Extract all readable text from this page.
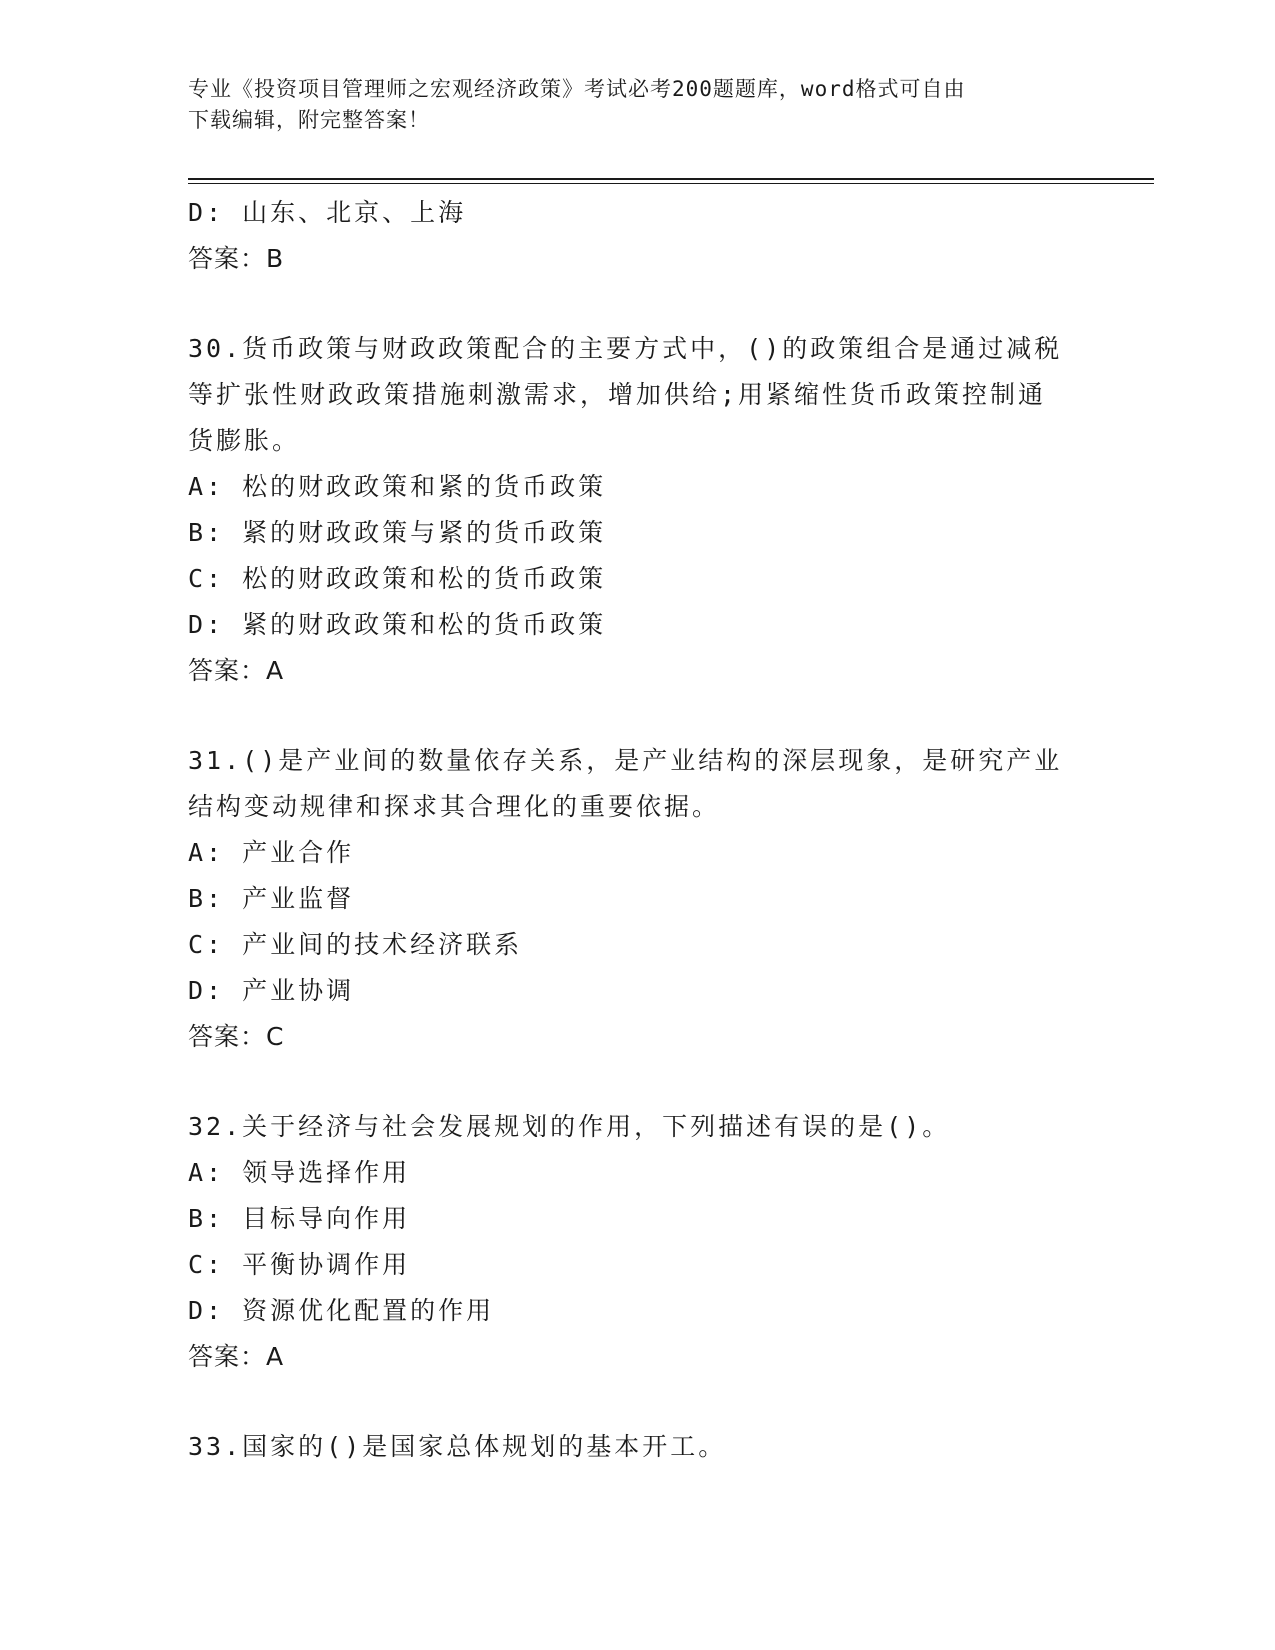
专业《投资项目管理师之宏观经济政策》考试必考200题题库，word格式可自由
下载编辑，附完整答案！
D: 山东、北京、上海
答案：B
30.货币政策与财政政策配合的主要方式中，()的政策组合是通过减税
等扩张性财政政策措施刺激需求，增加供给;用紧缩性货币政策控制通
货膨胀。
A: 松的财政政策和紧的货币政策
B: 紧的财政政策与紧的货币政策
C: 松的财政政策和松的货币政策
D: 紧的财政政策和松的货币政策
答案：A
31.()是产业间的数量依存关系，是产业结构的深层现象，是研究产业
结构变动规律和探求其合理化的重要依据。
A: 产业合作
B: 产业监督
C: 产业间的技术经济联系
D: 产业协调
答案：C
32.关于经济与社会发展规划的作用，下列描述有误的是()。
A: 领导选择作用
B: 目标导向作用
C: 平衡协调作用
D: 资源优化配置的作用
答案：A
33.国家的()是国家总体规划的基本开工。
